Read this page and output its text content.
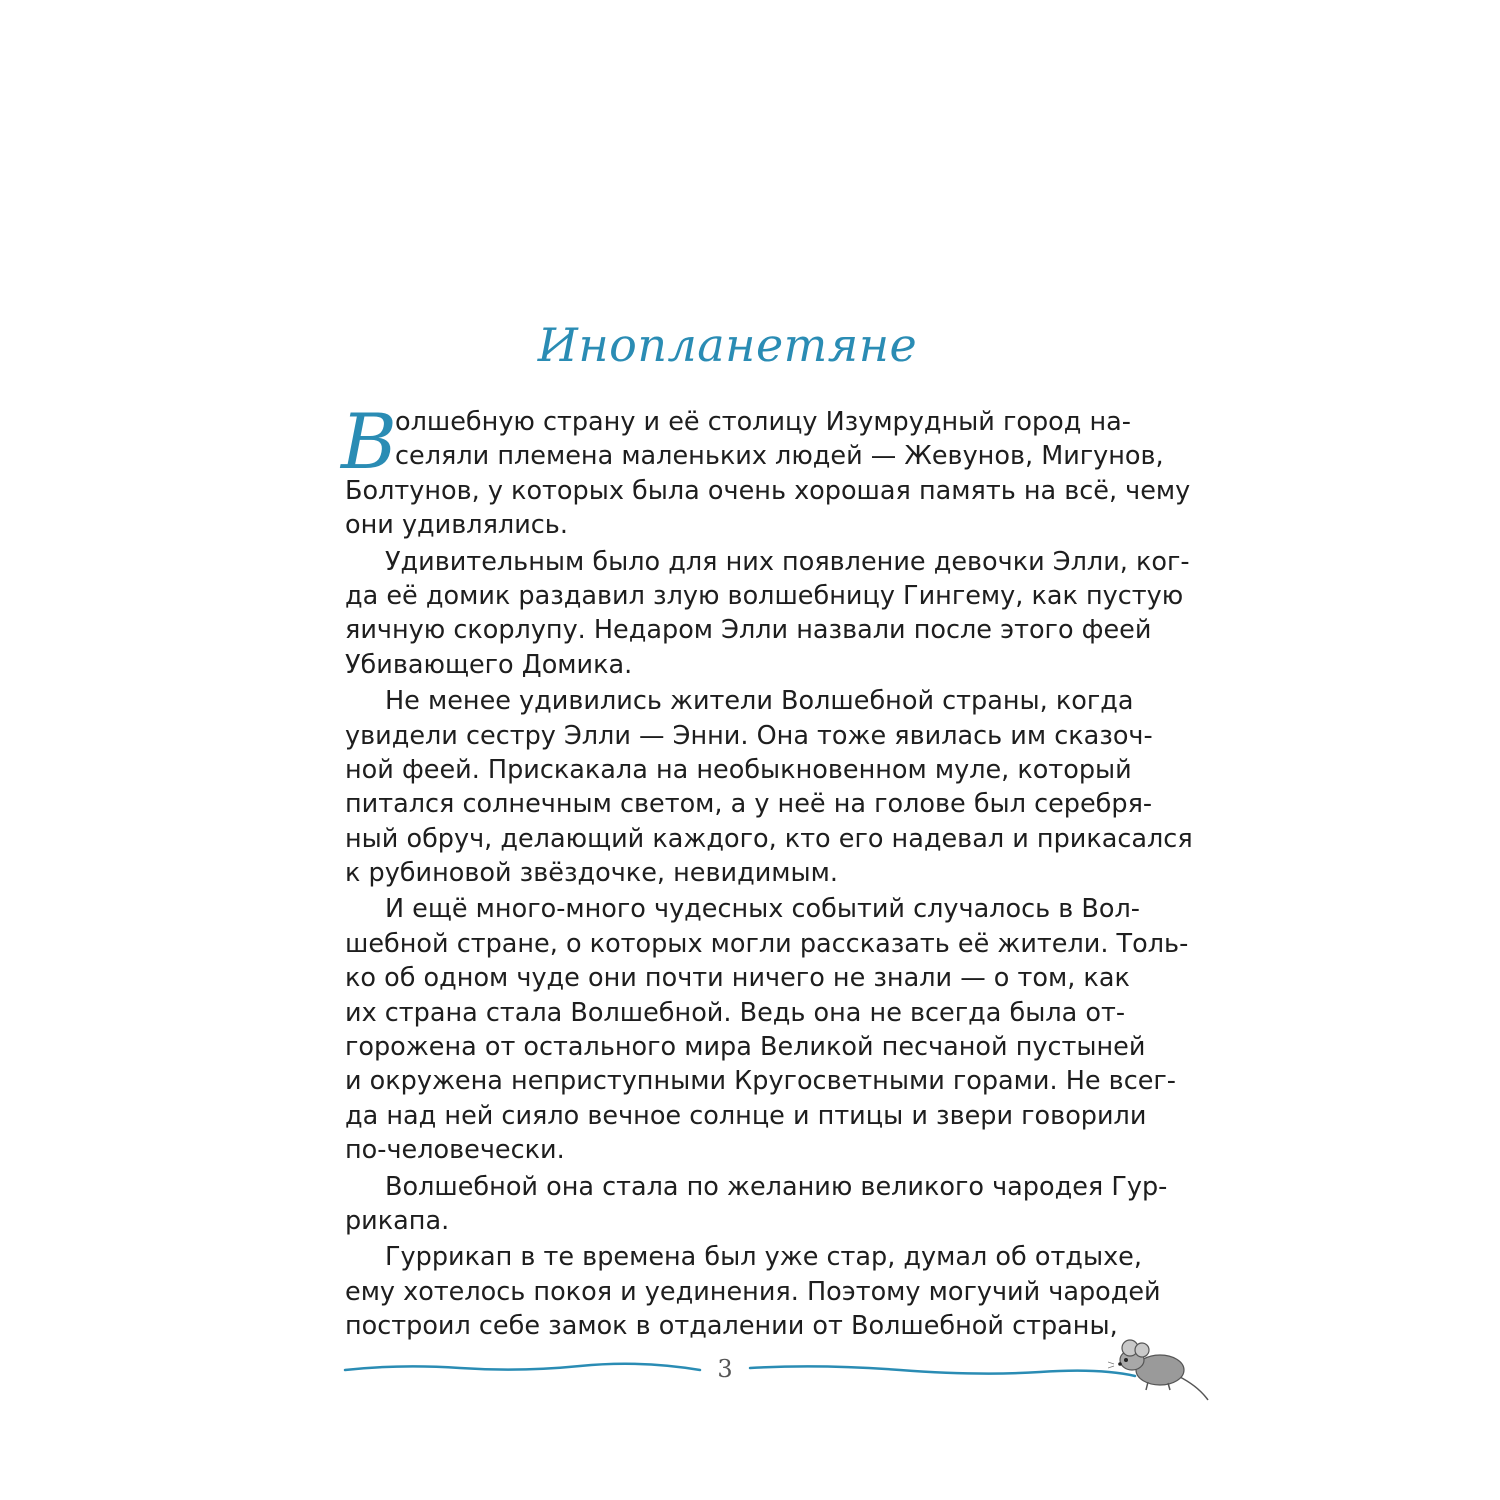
Инопланетяне
В
олшебную страну и её столицу Изумрудный город на-
селяли племена маленьких людей — Жевунов, Мигунов,
Болтунов, у которых была очень хорошая память на всё, чему
они удивлялись.
Удивительным было для них появление девочки Элли, ког-
да её домик раздавил злую волшебницу Гингему, как пустую
яичную скорлупу. Недаром Элли назвали после этого феей
Убивающего Домика.
Не менее удивились жители Волшебной страны, когда
увидели сестру Элли — Энни. Она тоже явилась им сказоч-
ной феей. Прискакала на необыкновенном муле, который
питался солнечным светом, а у неё на голове был серебря-
ный обруч, делающий каждого, кто его надевал и прикасался
к рубиновой звёздочке, невидимым.
И ещё много-много чудесных событий случалось в Вол-
шебной стране, о которых могли рассказать её жители. Толь-
ко об одном чуде они почти ничего не знали — о том, как
их страна стала Волшебной. Ведь она не всегда была от-
горожена от остального мира Великой песчаной пустыней
и окружена неприступными Кругосветными горами. Не всег-
да над ней сияло вечное солнце и птицы и звери говорили
по-человечески.
Волшебной она стала по желанию великого чародея Гур-
рикапа.
Гуррикап в те времена был уже стар, думал об отдыхе,
ему хотелось покоя и уединения. Поэтому могучий чародей
построил себе замок в отдалении от Волшебной страны,
3
